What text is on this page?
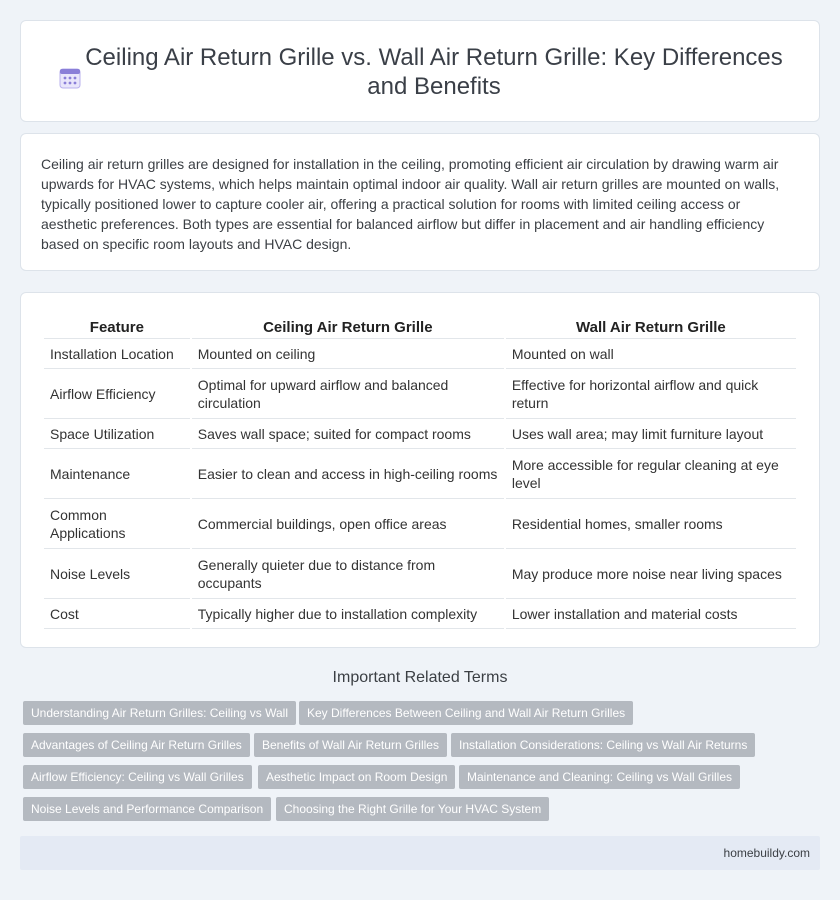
Ceiling Air Return Grille vs. Wall Air Return Grille: Key Differences and Benefits

Ceiling air return grilles are designed for installation in the ceiling, promoting efficient air circulation by drawing warm air upwards for HVAC systems, which helps maintain optimal indoor air quality. Wall air return grilles are mounted on walls, typically positioned lower to capture cooler air, offering a practical solution for rooms with limited ceiling access or aesthetic preferences. Both types are essential for balanced airflow but differ in placement and air handling efficiency based on specific room layouts and HVAC design.

Feature	Ceiling Air Return Grille	Wall Air Return Grille
Installation Location	Mounted on ceiling	Mounted on wall
Airflow Efficiency	Optimal for upward airflow and balanced circulation	Effective for horizontal airflow and quick return
Space Utilization	Saves wall space; suited for compact rooms	Uses wall area; may limit furniture layout
Maintenance	Easier to clean and access in high-ceiling rooms	More accessible for regular cleaning at eye level
Common Applications	Commercial buildings, open office areas	Residential homes, smaller rooms
Noise Levels	Generally quieter due to distance from occupants	May produce more noise near living spaces
Cost	Typically higher due to installation complexity	Lower installation and material costs
Important Related Terms
Understanding Air Return Grilles: Ceiling vs Wall	Key Differences Between Ceiling and Wall Air Return Grilles
Advantages of Ceiling Air Return Grilles	Benefits of Wall Air Return Grilles	Installation Considerations: Ceiling vs Wall Air Returns
Airflow Efficiency: Ceiling vs Wall Grilles	Aesthetic Impact on Room Design	Maintenance and Cleaning: Ceiling vs Wall Grilles
Noise Levels and Performance Comparison	Choosing the Right Grille for Your HVAC System
homebuildy.com
